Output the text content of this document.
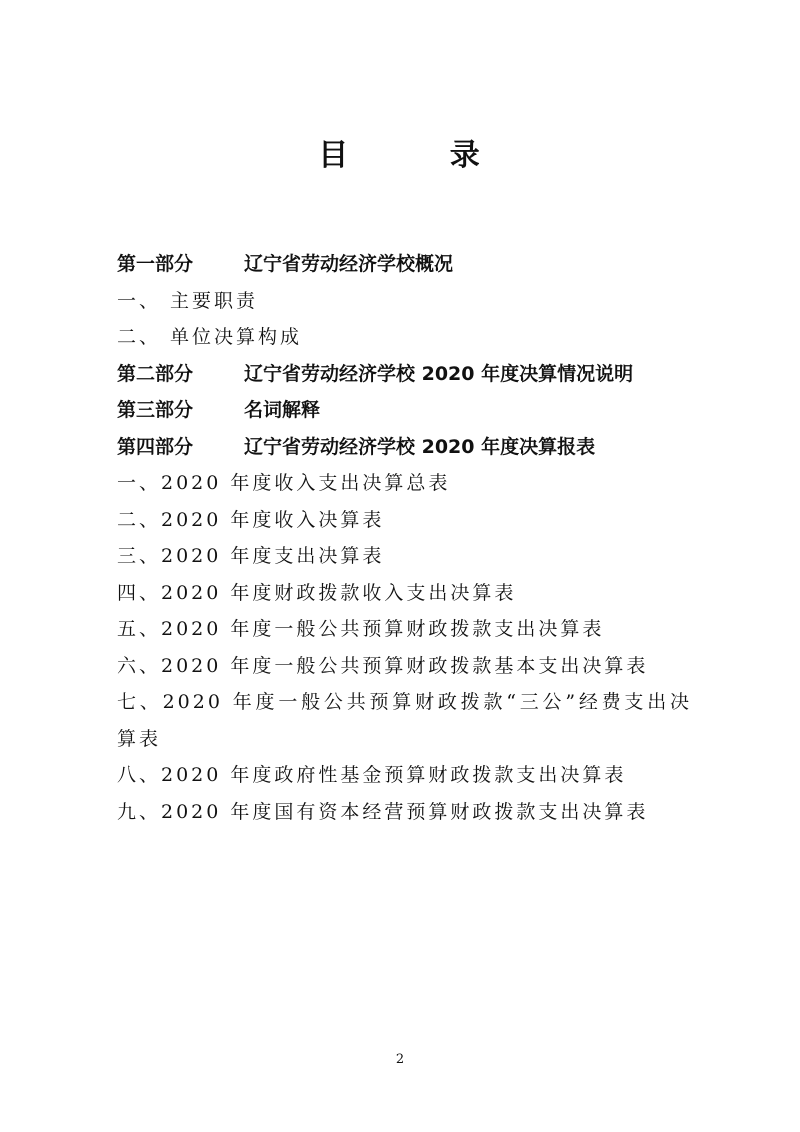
目        录
第一部分	辽宁省劳动经济学校概况
一、 主要职责
二、 单位决算构成
第二部分	辽宁省劳动经济学校 2020 年度决算情况说明
第三部分	名词解释
第四部分	辽宁省劳动经济学校 2020 年度决算报表
一、2020 年度收入支出决算总表
二、2020 年度收入决算表
三、2020 年度支出决算表
四、2020 年度财政拨款收入支出决算表
五、2020 年度一般公共预算财政拨款支出决算表
六、2020 年度一般公共预算财政拨款基本支出决算表
七、2020 年度一般公共预算财政拨款“三公”经费支出决算表
八、2020 年度政府性基金预算财政拨款支出决算表
九、2020 年度国有资本经营预算财政拨款支出决算表
2
